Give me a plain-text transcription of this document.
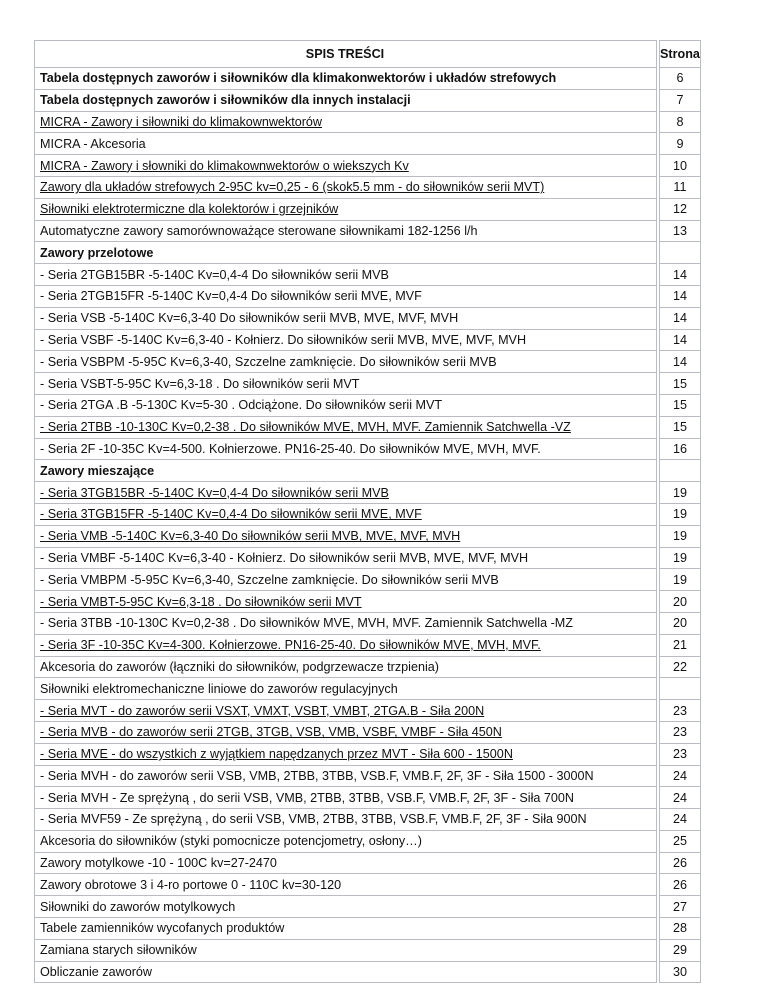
SPIS TREŚCI		Strona
Tabela dostępnych zaworów i siłowników dla klimakonwektorów i układów strefowych		6
Tabela dostępnych zaworów i siłowników dla innych instalacji		7
MICRA - Zawory i siłowniki do klimakownwektorów		8
MICRA - Akcesoria		9
MICRA - Zawory i słowniki do klimakownwektorów o wiekszych Kv		10
Zawory dla układów strefowych 2-95C kv=0,25 - 6 (skok5.5 mm - do siłowników serii MVT)		11
Siłowniki elektrotermiczne dla kolektorów i grzejników		12
Automatyczne zawory samorównoważące sterowane siłownikami 182-1256 l/h		13
Zawory przelotowe		
- Seria 2TGB15BR -5-140C Kv=0,4-4 Do siłowników serii MVB		14
- Seria 2TGB15FR -5-140C Kv=0,4-4 Do siłowników serii MVE, MVF		14
- Seria VSB -5-140C Kv=6,3-40 Do siłowników serii MVB, MVE, MVF, MVH		14
- Seria VSBF -5-140C Kv=6,3-40 - Kołnierz. Do siłowników serii MVB, MVE, MVF, MVH		14
- Seria VSBPM -5-95C Kv=6,3-40, Szczelne zamknięcie. Do siłowników serii MVB		14
- Seria VSBT-5-95C Kv=6,3-18 . Do siłowników serii MVT		15
- Seria 2TGA .B -5-130C Kv=5-30 . Odciążone. Do siłowników serii MVT		15
- Seria 2TBB -10-130C Kv=0,2-38 . Do siłowników MVE, MVH, MVF. Zamiennik Satchwella -VZ		15
- Seria 2F -10-35C Kv=4-500. Kołnierzowe. PN16-25-40. Do siłowników MVE, MVH, MVF.		16
Zawory mieszające		
- Seria 3TGB15BR -5-140C Kv=0,4-4 Do siłowników serii MVB		19
- Seria 3TGB15FR -5-140C Kv=0,4-4 Do siłowników serii MVE, MVF		19
- Seria VMB -5-140C Kv=6,3-40 Do siłowników serii MVB, MVE, MVF, MVH		19
- Seria VMBF -5-140C Kv=6,3-40 - Kołnierz. Do siłowników serii MVB, MVE, MVF, MVH		19
- Seria VMBPM -5-95C Kv=6,3-40, Szczelne zamknięcie. Do siłowników serii MVB		19
- Seria VMBT-5-95C Kv=6,3-18 . Do siłowników serii MVT		20
- Seria 3TBB -10-130C Kv=0,2-38 . Do siłowników MVE, MVH, MVF. Zamiennik Satchwella -MZ		20
- Seria 3F -10-35C Kv=4-300. Kołnierzowe. PN16-25-40. Do siłowników MVE, MVH, MVF.		21
Akcesoria do zaworów (łączniki do siłowników, podgrzewacze trzpienia)		22
Siłowniki elektromechaniczne liniowe do zaworów regulacyjnych		
- Seria MVT - do zaworów serii VSXT, VMXT, VSBT, VMBT, 2TGA.B - Siła 200N		23
- Seria MVB - do zaworów serii 2TGB, 3TGB, VSB, VMB, VSBF, VMBF - Siła 450N		23
- Seria MVE - do wszystkich z wyjątkiem napędzanych przez MVT - Siła 600 - 1500N		23
- Seria MVH - do zaworów serii VSB, VMB, 2TBB, 3TBB, VSB.F, VMB.F, 2F, 3F - Siła 1500 - 3000N		24
- Seria MVH - Ze sprężyną , do serii VSB, VMB, 2TBB, 3TBB, VSB.F, VMB.F, 2F, 3F - Siła 700N		24
- Seria MVF59 - Ze sprężyną , do serii VSB, VMB, 2TBB, 3TBB, VSB.F, VMB.F, 2F, 3F - Siła 900N		24
Akcesoria do siłowników (styki pomocnicze potencjometry, osłony…)		25
Zawory motylkowe -10 - 100C kv=27-2470		26
Zawory obrotowe 3 i 4-ro portowe 0 - 110C kv=30-120		26
Siłowniki do zaworów motylkowych		27
Tabele zamienników wycofanych produktów		28
Zamiana starych siłowników		29
Obliczanie zaworów		30
